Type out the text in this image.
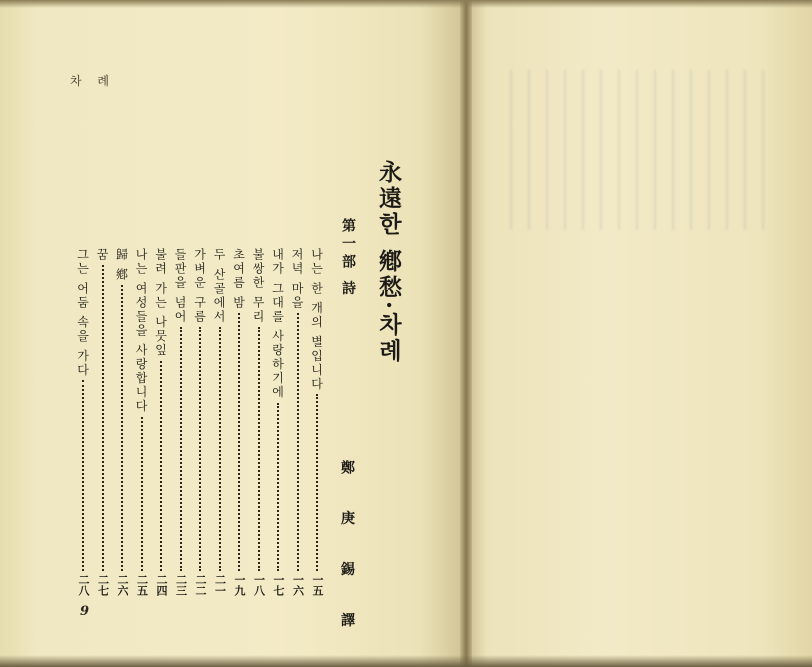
차 례
永遠한 鄕愁·차례
第一部 詩
鄭 庚 錫 譯
나는 한 개의 별입니다
一五
저녁 마을
一六
내가 그대를 사랑하기에
一七
불쌍한 무리
一八
초여름 밤
一九
두 산골에서
二一
가벼운 구름
二二
들판을 넘어
二三
불려 가는 나뭇잎
二四
나는 여성들을 사랑합니다
二五
歸 鄕
二六
꿈
二七
그는 어둠 속을 가다
二八
9
